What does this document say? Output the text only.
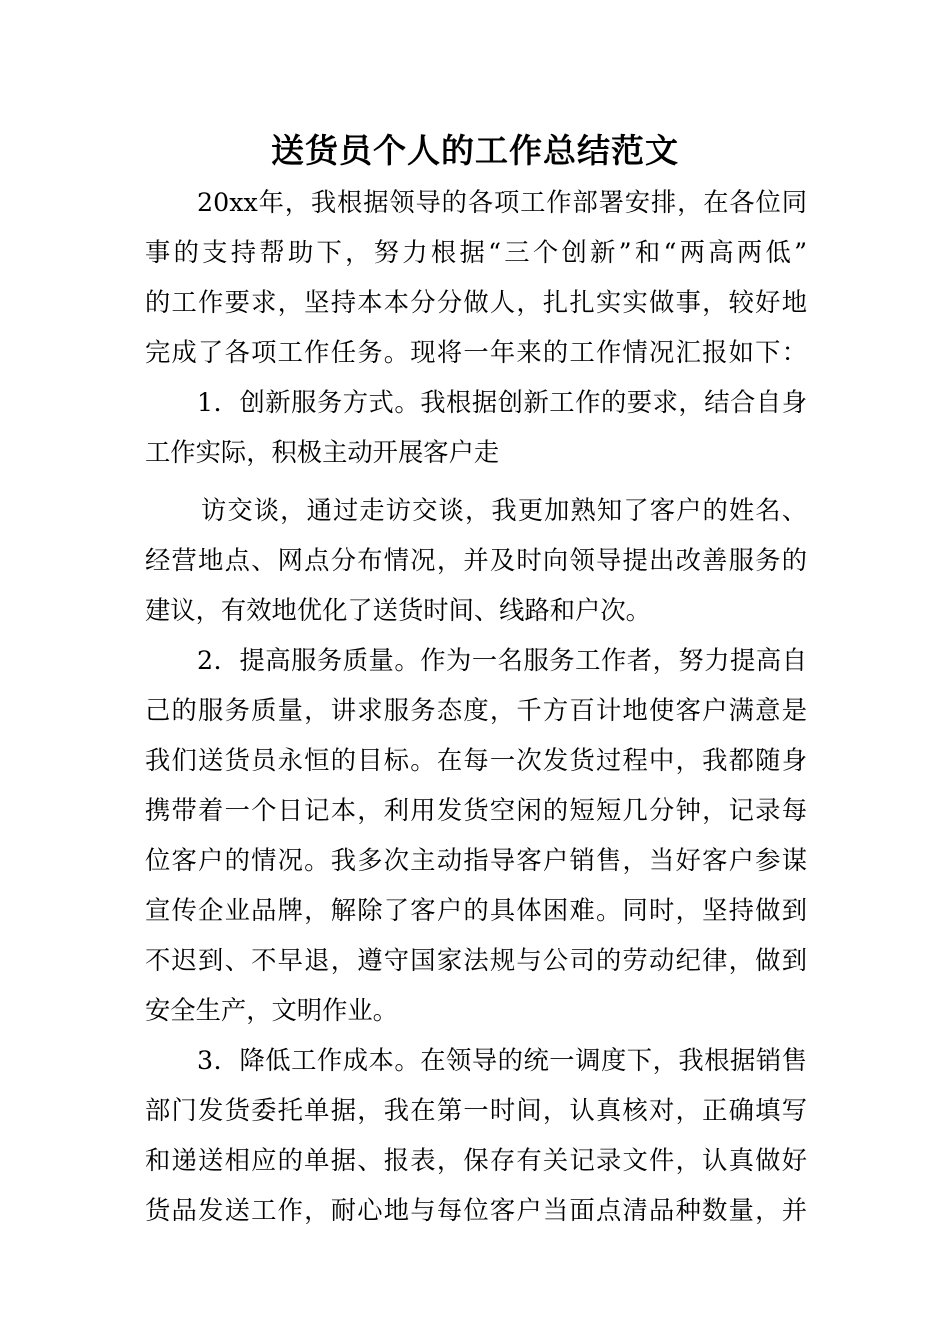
送货员个人的工作总结范文
20xx年，我根据领导的各项工作部署安排，在各位同
事的支持帮助下，努力根据“三个创新”和“两高两低”
的工作要求，坚持本本分分做人，扎扎实实做事，较好地
完成了各项工作任务。现将一年来的工作情况汇报如下：
1．创新服务方式。我根据创新工作的要求，结合自身
工作实际，积极主动开展客户走
访交谈，通过走访交谈，我更加熟知了客户的姓名、
经营地点、网点分布情况，并及时向领导提出改善服务的
建议，有效地优化了送货时间、线路和户次。
2．提高服务质量。作为一名服务工作者，努力提高自
己的服务质量，讲求服务态度，千方百计地使客户满意是
我们送货员永恒的目标。在每一次发货过程中，我都随身
携带着一个日记本，利用发货空闲的短短几分钟，记录每
位客户的情况。我多次主动指导客户销售，当好客户参谋
宣传企业品牌，解除了客户的具体困难。同时，坚持做到
不迟到、不早退，遵守国家法规与公司的劳动纪律，做到
安全生产，文明作业。
3．降低工作成本。在领导的统一调度下，我根据销售
部门发货委托单据，我在第一时间，认真核对，正确填写
和递送相应的单据、报表，保存有关记录文件，认真做好
货品发送工作，耐心地与每位客户当面点清品种数量，并
